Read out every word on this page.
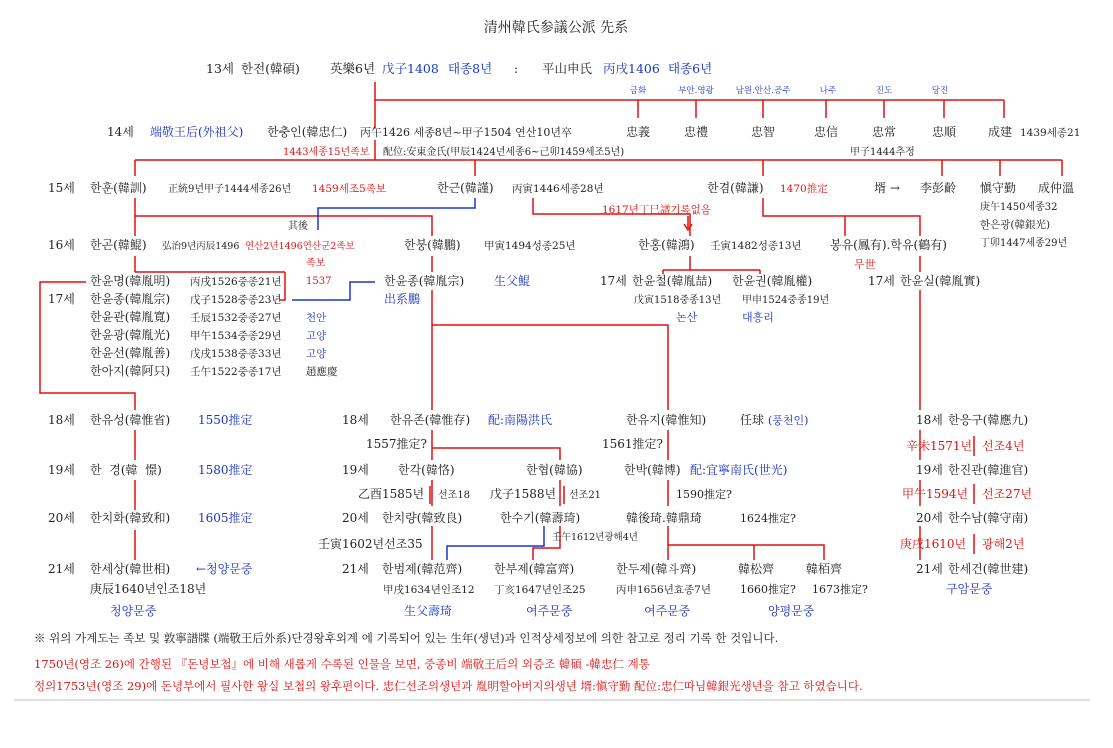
清州韓氏参議公派 先系
13세 한전(韓碩) 英樂6년 戊子1408 태종8년 : 平山申氏 丙戌1406 태종6년
14세 端敬王后(外祖父) 한충인(韓忠仁) 丙午1426 세종8년~甲子1504 연산10년卒
1443세종15년족보 配位:安東金氏(甲辰1424년세종6~己卯1459세조5년)	甲子1444추정
1439세종21
금화	부안.영광	남원.안산.공주	나주	진도	당진
忠義	忠禮	忠智	忠信	忠常	忠順	成建
15세 한훈(韓訓) 正統9년甲子1444세종26년 1459세조5족보	한근(韓謹) 丙寅1446세종28년	한겸(韓謙) 1470推定	壻 → 李彭齡 愼守勤
庚午1450세종32
한은광(韓銀光)
丁卯1447세종29년
成仲溫
16세 한곤(韓鯤) 弘治9년丙辰1496 연산2년1496연산군2족보
其後
한붕(韓鵬) 甲寅1494성종25년
1617년丁巳譜기록없음
한홍(韓鴻) 壬寅1482성종13년 봉유(鳳有).학유(鶴有)
무世
17세
족보
1537
한윤명(韓胤明) 丙戌1526중종21년
한윤종(韓胤宗) 戊子1528중종23년
한윤관(韓胤寬) 壬辰1532중종27년 천안
한윤광(韓胤光) 甲午1534중종29년 고양
한윤선(韓胤善) 戊戌1538중종33년 고양
한아지(韓阿只) 壬午1522중종17년 趙應慶
한윤종(韓胤宗) 生父鯤
出系鵬
17세 한윤철(韓胤喆)
戊寅1518중종13년
논산
한윤권(韓胤權)
甲申1524중종19년
대흥리
17세 한윤실(韓胤實)
18세 한유성(韓惟省) 1550推定	18세 한유존(韓惟存) 配:南陽洪氏
1557推定?
한유지(韓惟知)
1561推定?
任球 (풍천인)	18세 한응구(韓應九)
辛未1571년 선조4년
19세 한  경(韓  憬)	1580推定	19세 한각(韓恪)
乙酉1585년 선조18
한협(韓協)
戊子1588년 선조21
한박(韓博) 配:宜寧南氏(世光)
1590推定?
19세 한진관(韓進官)
甲午1594년 선조27년
20세 한치화(韓致和) 1605推定	20세 한치량(韓致良)
壬寅1602년선조35
한수기(韓壽琦)
壬午1612년광해4년
韓後琦.韓鼎琦	1624推定?	20세 한수남(韓守南)
庚戌1610년 광해2년
21세 한세상(韓世相) ←청양문중
庚辰1640년인조18년
청양문중
21세 한범제(韓范齊)
甲戌1634년인조12
生父壽琦
한부제(韓富齊)
丁亥1647년인조25
여주문중
한두제(韓斗齊)
丙申1656년효종7년
여주문중
韓松齊
1660推定?
韓栢齊
1673推定?
양평문중
21세 한세건(韓世建)
구암문중
※ 위의 가계도는 족보 및 敦寧譜牒 (端敬王后外系)단경왕후외계 에 기록되어 있는 生年(생년)과 인적상세정보에 의한 참고로 정리 기록 한 것입니다.
1750년(영조 26)에 간행된 『돈녕보첩』에 비해 새롭게 수록된 인물을 보면, 중종비 端敬王后의 외증조 韓碩 -韓忠仁 계통
정의1753년(영조 29)에 돈녕부에서 필사한 왕실 보첩의 왕후편이다. 忠仁선조의생년과 胤明할아버지의생년 壻:愼守勤 配位:忠仁따님韓銀光생년을 참고 하였습니다.
